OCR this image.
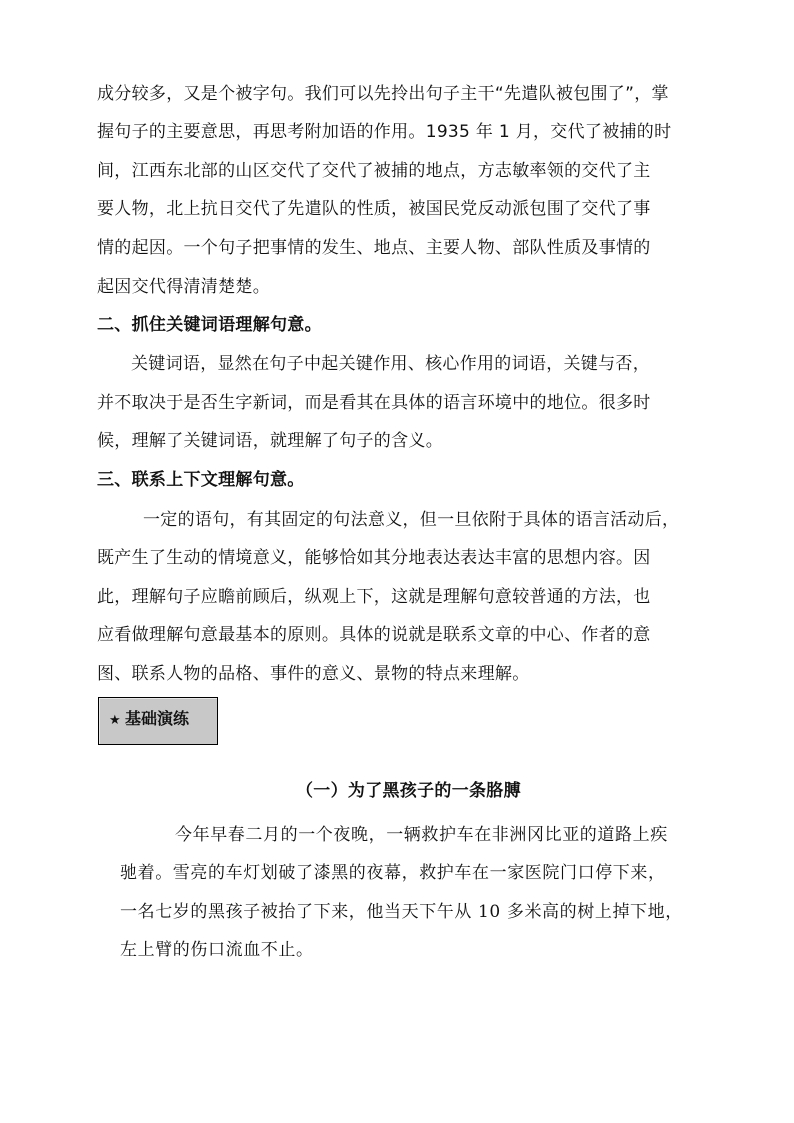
成分较多，又是个被字句。我们可以先拎出句子主干“先遣队被包围了”，掌
握句子的主要意思，再思考附加语的作用。1935 年 1 月，交代了被捕的时
间，江西东北部的山区交代了交代了被捕的地点，方志敏率领的交代了主
要人物，北上抗日交代了先遣队的性质，被国民党反动派包围了交代了事
情的起因。一个句子把事情的发生、地点、主要人物、部队性质及事情的
起因交代得清清楚楚。
二、抓住关键词语理解句意。
关键词语，显然在句子中起关键作用、核心作用的词语，关键与否，
并不取决于是否生字新词，而是看其在具体的语言环境中的地位。很多时
候，理解了关键词语，就理解了句子的含义。
三、联系上下文理解句意。
一定的语句，有其固定的句法意义，但一旦依附于具体的语言活动后，
既产生了生动的情境意义，能够恰如其分地表达表达丰富的思想内容。因
此，理解句子应瞻前顾后，纵观上下，这就是理解句意较普通的方法，也
应看做理解句意最基本的原则。具体的说就是联系文章的中心、作者的意
图、联系人物的品格、事件的意义、景物的特点来理解。
★ 基础演练
（一）为了黑孩子的一条胳膊
今年早春二月的一个夜晚，一辆救护车在非洲冈比亚的道路上疾
驰着。雪亮的车灯划破了漆黑的夜幕，救护车在一家医院门口停下来，
一名七岁的黑孩子被抬了下来，他当天下午从 10 多米高的树上掉下地，
左上臂的伤口流血不止。
